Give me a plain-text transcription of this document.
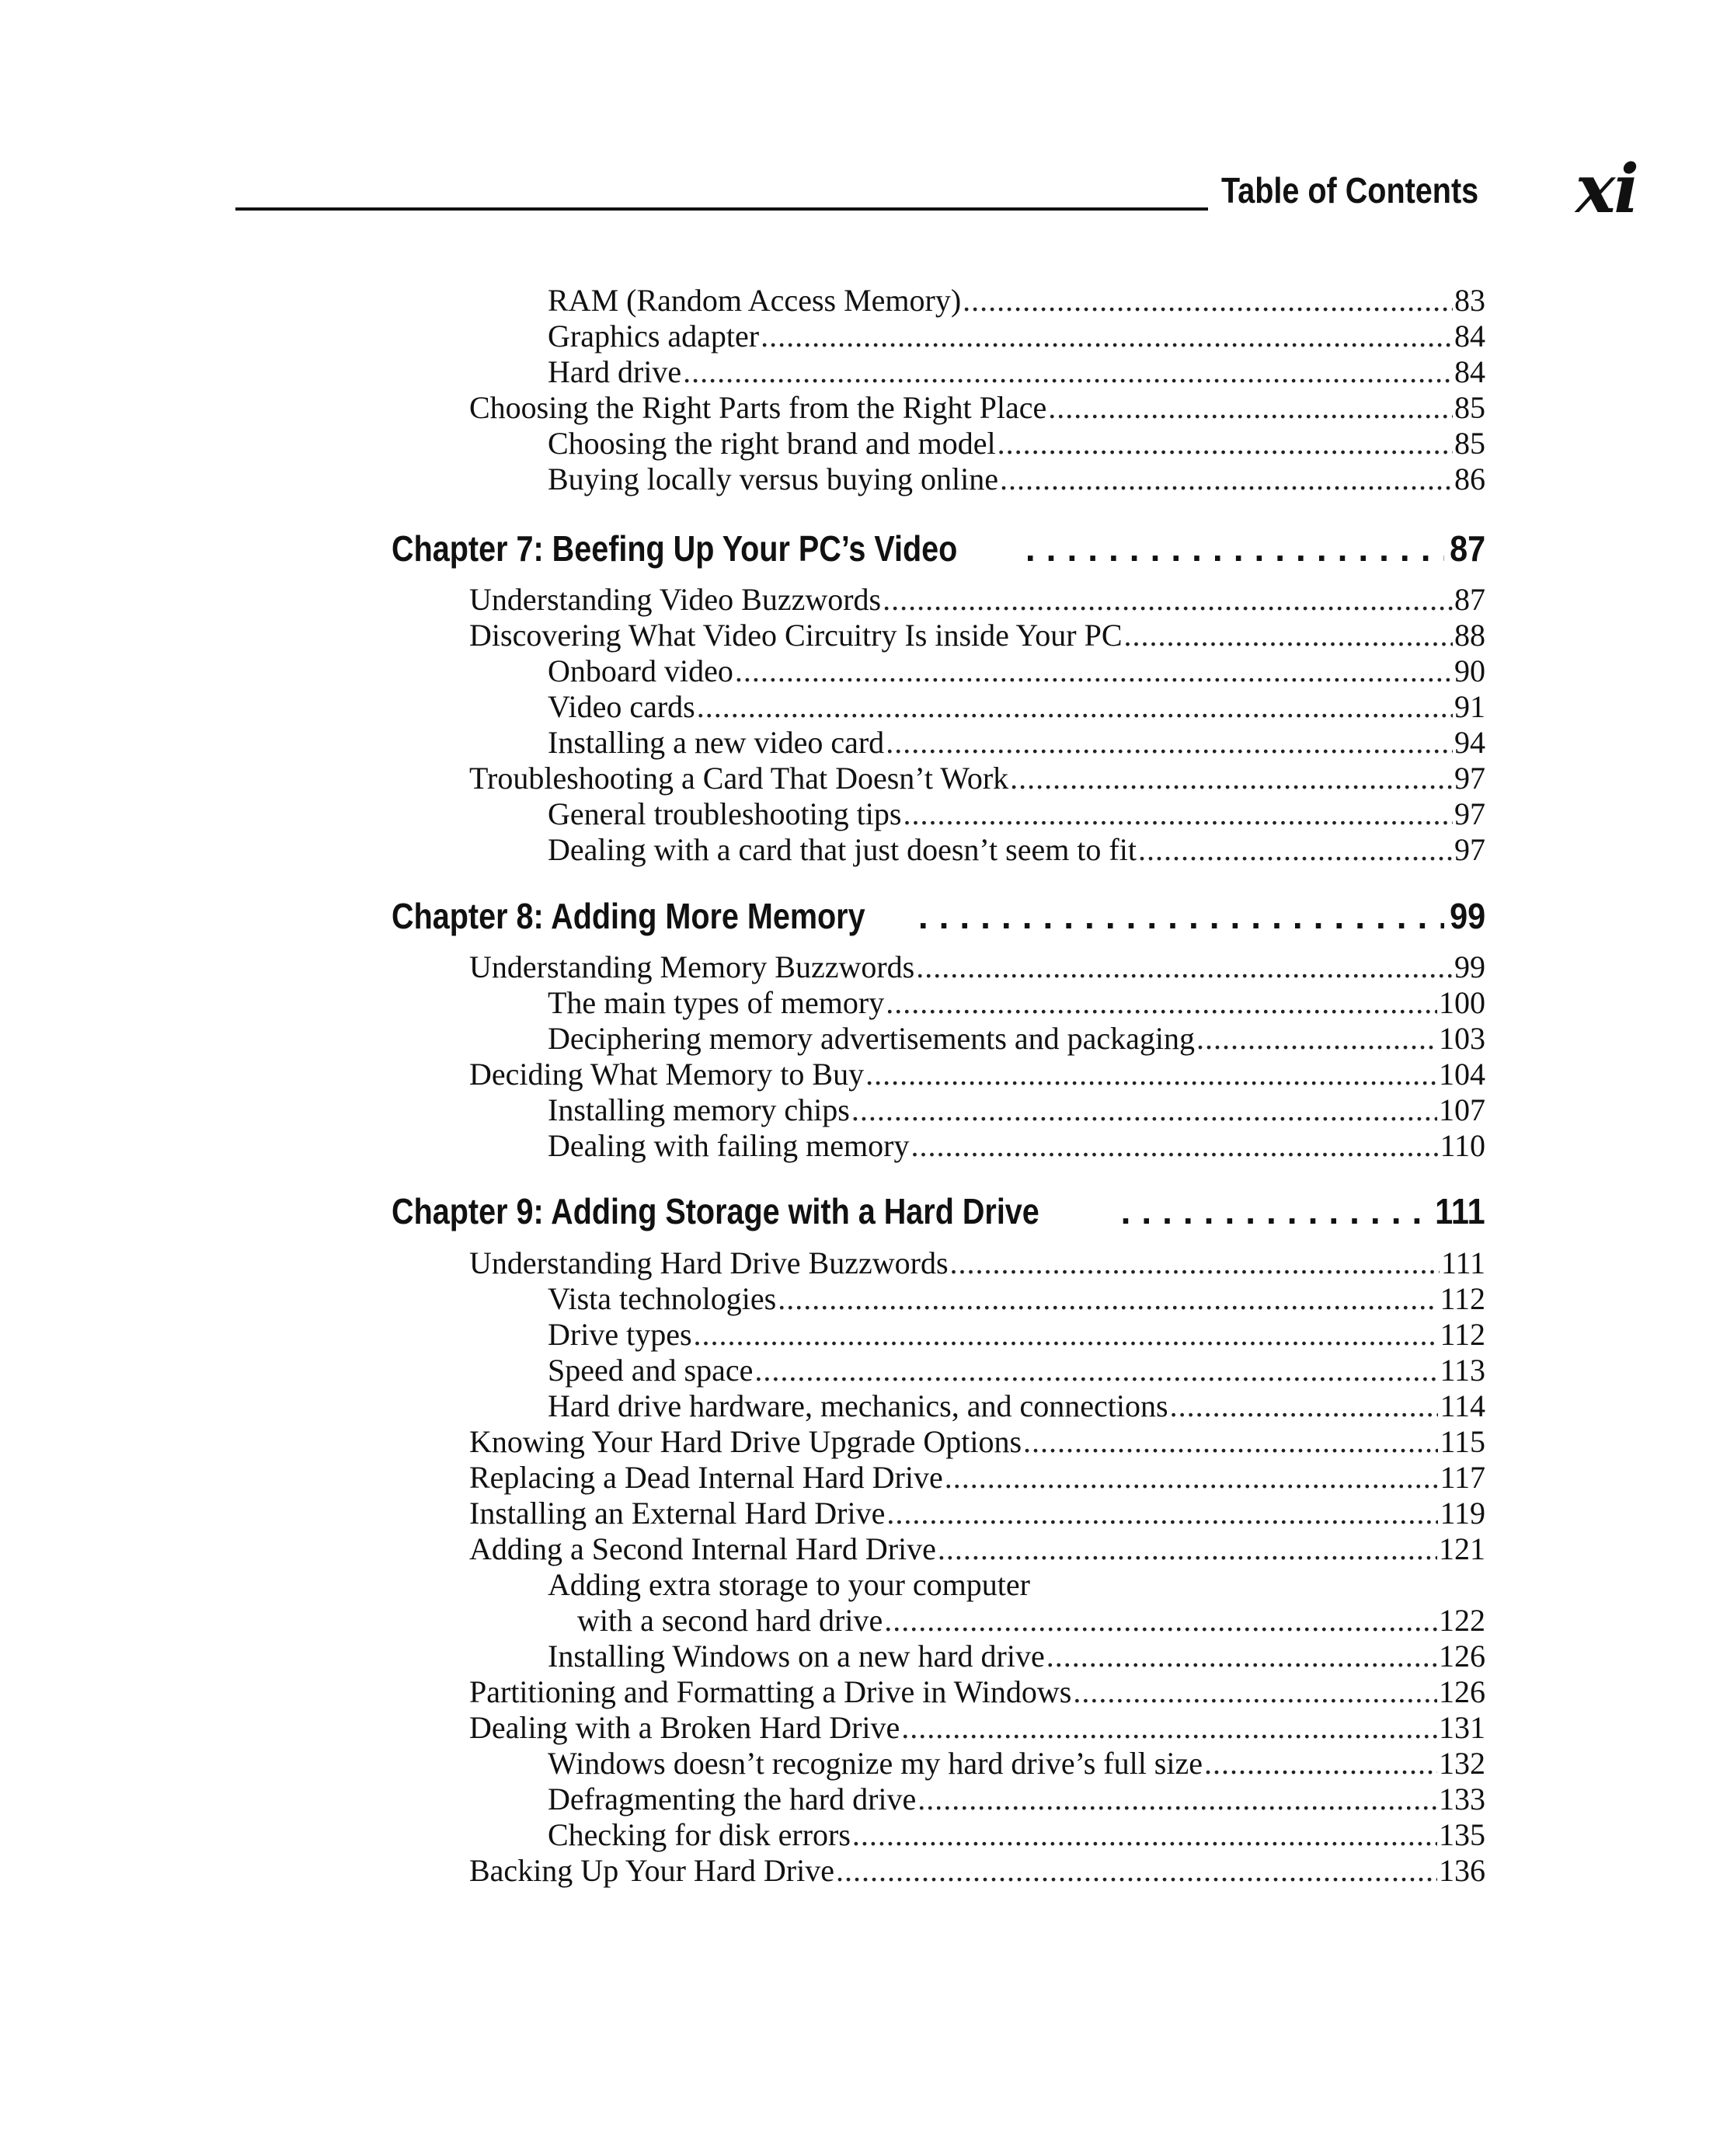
Table of Contents xi
RAM (Random Access Memory) .....	83
Graphics adapter .....	84
Hard drive .....	84
Choosing the Right Parts from the Right Place .....	85
Choosing the right brand and model .....	85
Buying locally versus buying online .....	86
Chapter 7: Beefing Up Your PC’s Video .....	87
Understanding Video Buzzwords .....	87
Discovering What Video Circuitry Is inside Your PC .....	88
Onboard video .....	90
Video cards .....	91
Installing a new video card .....	94
Troubleshooting a Card That Doesn’t Work .....	97
General troubleshooting tips .....	97
Dealing with a card that just doesn’t seem to fit .....	97
Chapter 8: Adding More Memory .....	99
Understanding Memory Buzzwords .....	99
The main types of memory .....	100
Deciphering memory advertisements and packaging .....	103
Deciding What Memory to Buy .....	104
Installing memory chips .....	107
Dealing with failing memory .....	110
Chapter 9: Adding Storage with a Hard Drive .....	111
Understanding Hard Drive Buzzwords .....	111
Vista technologies .....	112
Drive types .....	112
Speed and space .....	113
Hard drive hardware, mechanics, and connections .....	114
Knowing Your Hard Drive Upgrade Options .....	115
Replacing a Dead Internal Hard Drive .....	117
Installing an External Hard Drive .....	119
Adding a Second Internal Hard Drive .....	121
Adding extra storage to your computer
with a second hard drive .....	122
Installing Windows on a new hard drive .....	126
Partitioning and Formatting a Drive in Windows .....	126
Dealing with a Broken Hard Drive .....	131
Windows doesn’t recognize my hard drive’s full size .....	132
Defragmenting the hard drive .....	133
Checking for disk errors .....	135
Backing Up Your Hard Drive .....	136
